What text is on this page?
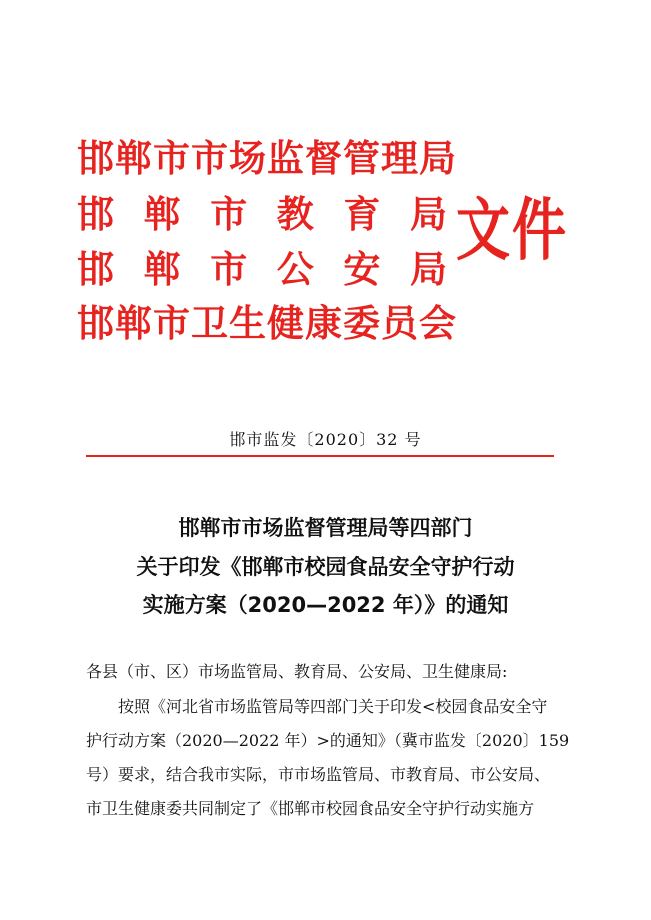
邯郸市市场监督管理局
邯 郸 市 教 育 局
邯 郸 市 公 安 局
邯郸市卫生健康委员会
文件
邯市监发〔2020〕32 号
邯郸市市场监督管理局等四部门
关于印发《邯郸市校园食品安全守护行动
实施方案（2020—2022 年）》的通知
各县（市、区）市场监管局、教育局、公安局、卫生健康局:
按照《河北省市场监管局等四部门关于印发<校园食品安全守
护行动方案（2020—2022 年）>的通知》（冀市监发〔2020〕159
号）要求，结合我市实际，市市场监管局、市教育局、市公安局、
市卫生健康委共同制定了《邯郸市校园食品安全守护行动实施方
